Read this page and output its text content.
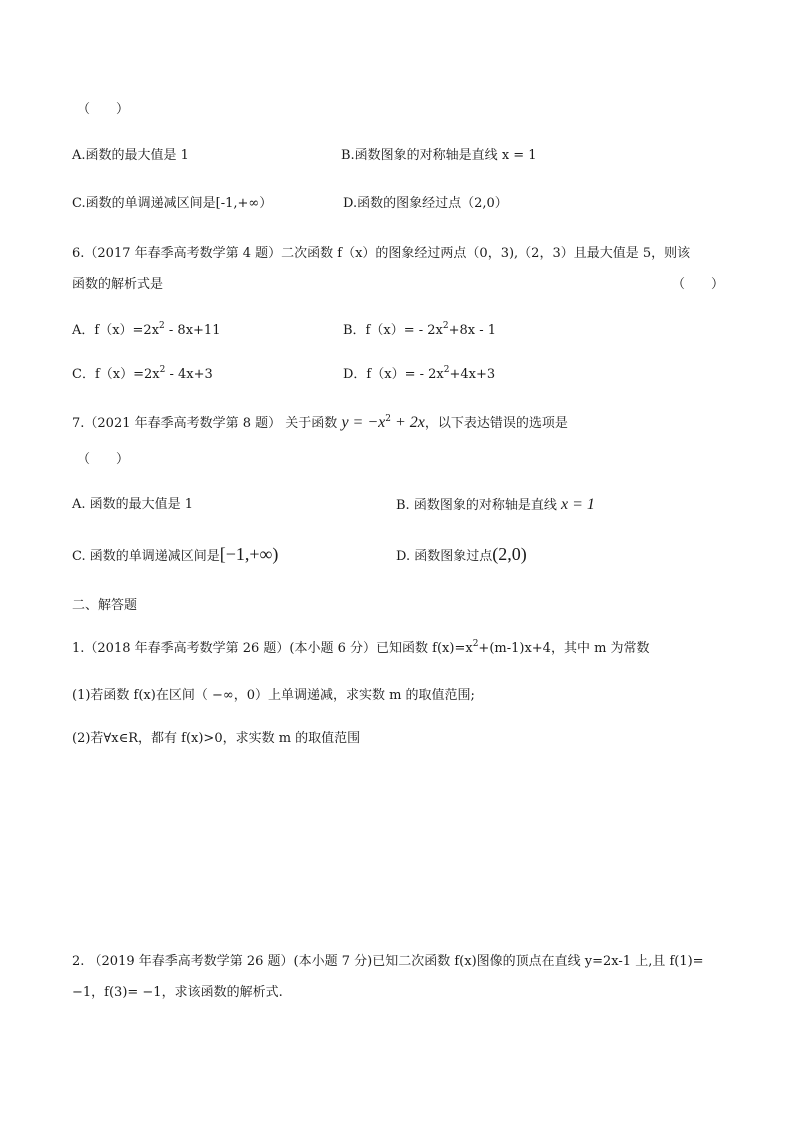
（　　）
A.函数的最大值是 1	B.函数图象的对称轴是直线 x = 1
C.函数的单调递减区间是[-1,+∞）	D.函数的图象经过点（2,0）
6.（2017 年春季高考数学第 4 题）二次函数 f（x）的图象经过两点（0，3),（2，3）且最大值是 5，则该
函数的解析式是	（　　）
A．$f(x)=2x^2 - 8x+11$	B．$f(x)= - 2x^2+8x - 1$
C．$f(x)=2x^2 - 4x+3$	D．$f(x)= - 2x^2+4x+3$
7.（2021 年春季高考数学第 8 题） 关于函数 $y = -x^2 + 2x$，以下表达错误的选项是
（　　）
A. 函数的最大值是 1	B. 函数图象的对称轴是直线 x = 1
C. 函数的单调递减区间是[−1,+∞)	D. 函数图象过点(2,0)
二、解答题
1.（2018 年春季高考数学第 26 题）(本小题 6 分）已知函数 $f(x)=x^2+(m-1)x+4$，其中 m 为常数
(1)若函数 f(x)在区间（ −∞，0）上单调递减，求实数 m 的取值范围;
(2)若∀x∈R，都有 f(x)>0，求实数 m 的取值范围
2. （2019 年春季高考数学第 26 题）(本小题 7 分)已知二次函数 f(x)图像的顶点在直线 y=2x-1 上,且 f(1)=
−1，f(3)= −1，求该函数的解析式.
